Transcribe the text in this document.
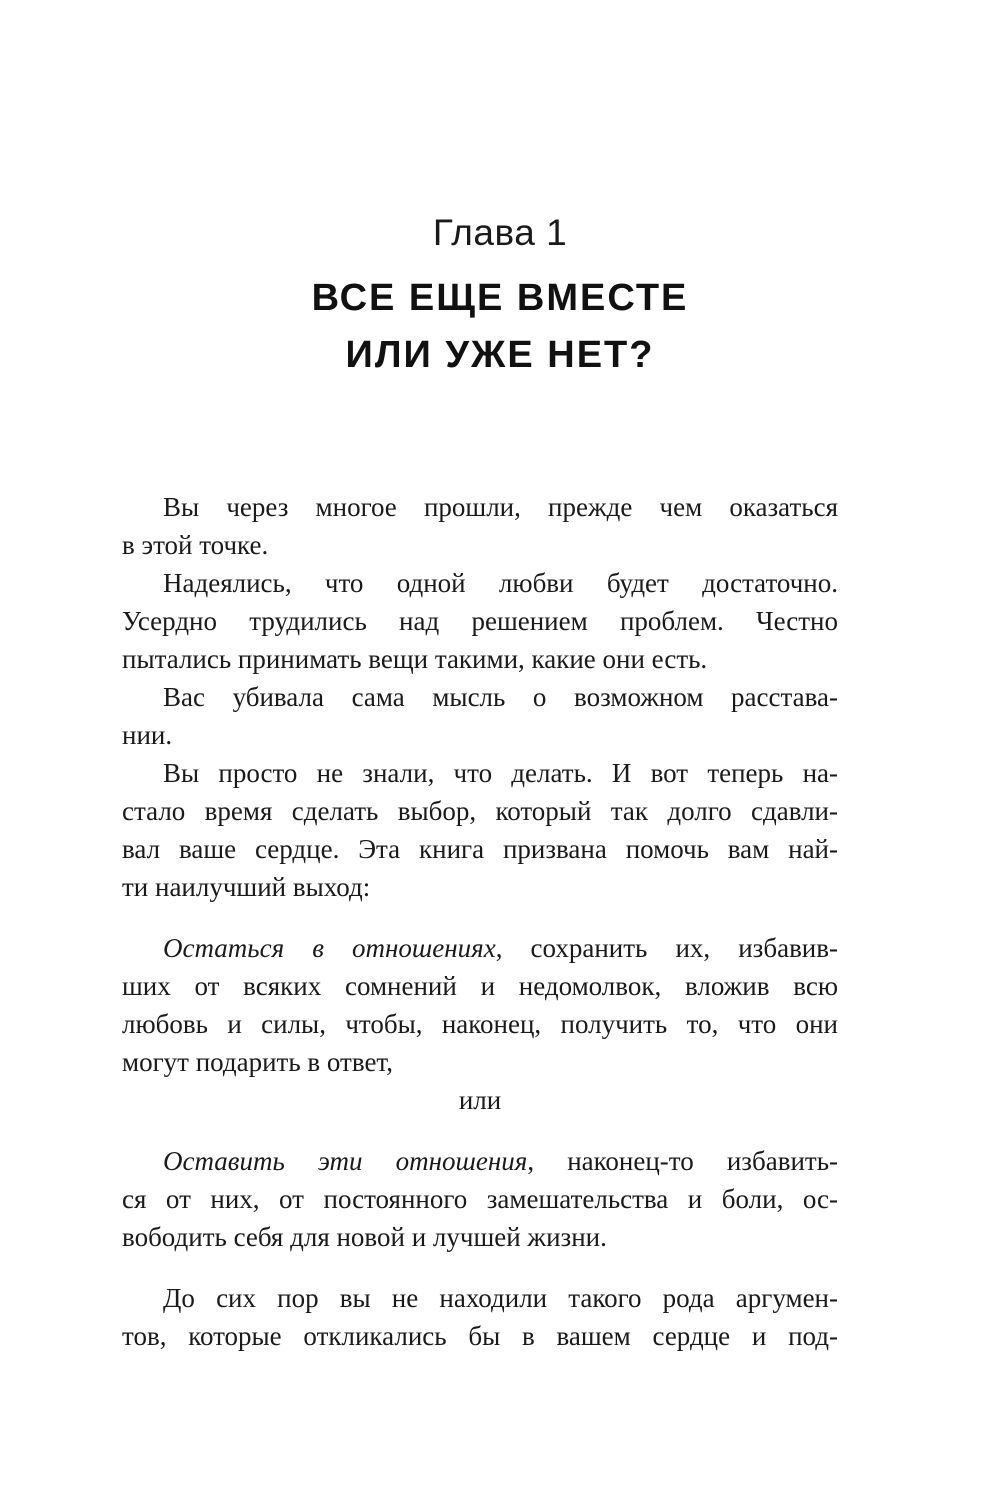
Глава 1
ВСЕ ЕЩЕ ВМЕСТЕ
ИЛИ УЖЕ НЕТ?
Вы через многое прошли, прежде чем оказаться
в этой точке.
Надеялись, что одной любви будет достаточно.
Усердно трудились над решением проблем. Честно
пытались принимать вещи такими, какие они есть.
Вас убивала сама мысль о возможном расстава-
нии.
Вы просто не знали, что делать. И вот теперь на-
стало время сделать выбор, который так долго сдавли-
вал ваше сердце. Эта книга призвана помочь вам най-
ти наилучший выход:
Остаться в отношениях, сохранить их, избавив-
ших от всяких сомнений и недомолвок, вложив всю
любовь и силы, чтобы, наконец, получить то, что они
могут подарить в ответ,
или
Оставить эти отношения, наконец-то избавить-
ся от них, от постоянного замешательства и боли, ос-
вободить себя для новой и лучшей жизни.
До сих пор вы не находили такого рода аргумен-
тов, которые откликались бы в вашем сердце и под-
